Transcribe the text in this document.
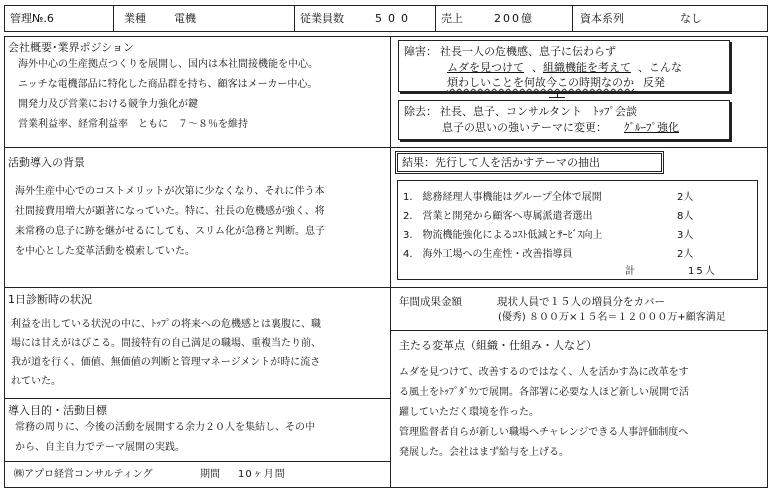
管理№.6	業種	電機	従業員数	500 売上	200億	資本系列	なし
会社概要･業界ポジション
海外中心の生産拠点つくりを展開し、国内は本社間接機能を中心。
ニッチな電機部品に特化した商品群を持ち、顧客はメーカー中心。
開発力及び営業における競争力強化が鍵
営業利益率、経常利益率　ともに　７～８％を維持
障害： 社長一人の危機感、息子に伝わらず
ムダを見つけて 、 組織機能を考えて 、こんな
煩わしいことを何故今この時期なのか 反発
除去： 社長、息子、コンサルタント　ﾄｯﾌﾟ会談
息子の思いの強いテーマに変更： ｸﾞﾙｰﾌﾟ強化
活動導入の背景
海外生産中心でのコストメリットが次第に少なくなり、それに伴う本
社間接費用増大が顕著になっていた。特に、社長の危機感が強く、将
来常務の息子に跡を継がせるにしても、スリム化が急務と判断。息子
を中心とした変革活動を模索していた。
結果：先行して人を活かすテーマの抽出
1.　総務経理人事機能はグループ全体で展開	2人
2.　営業と開発から顧客へ専属派遣者選出	8人
3.　物流機能強化によるｺｽﾄ低減とｻｰﾋﾞｽ向上	3人
4.　海外工場への生産性・改善指導員	2人
計	15人
1日診断時の状況
利益を出している状況の中に、ﾄｯﾌﾟの将来への危機感とは裏腹に、職
場には甘えがはびこる。間接特有の自己満足の職場、重複当たり前、
我が道を行く、価値、無価値の判断と管理マネージメントが時に流さ
れていた。
年間成果金額	現状人員で１５人の増員分をカバー
(優秀) ８００万×１５名＝１２０００万+顧客満足
導入目的・活動目標
常務の周りに、今後の活動を展開する余力２０人を集結し、その中
から、自主自力でテーマ展開の実践。
主たる変革点（組織・仕組み・人など）
ムダを見つけて、改善するのではなく、人を活かす為に改革をす
る風土をﾄｯﾌﾟﾀﾞｳﾝで展開。各部署に必要な人ほど新しい展開で活
躍していただく環境を作った。
管理監督者自らが新しい職場へチャレンジできる人事評価制度へ
発展した。会社はまず給与を上げる。
㈱アプロ経営コンサルティング	期間 10ヶ月間
